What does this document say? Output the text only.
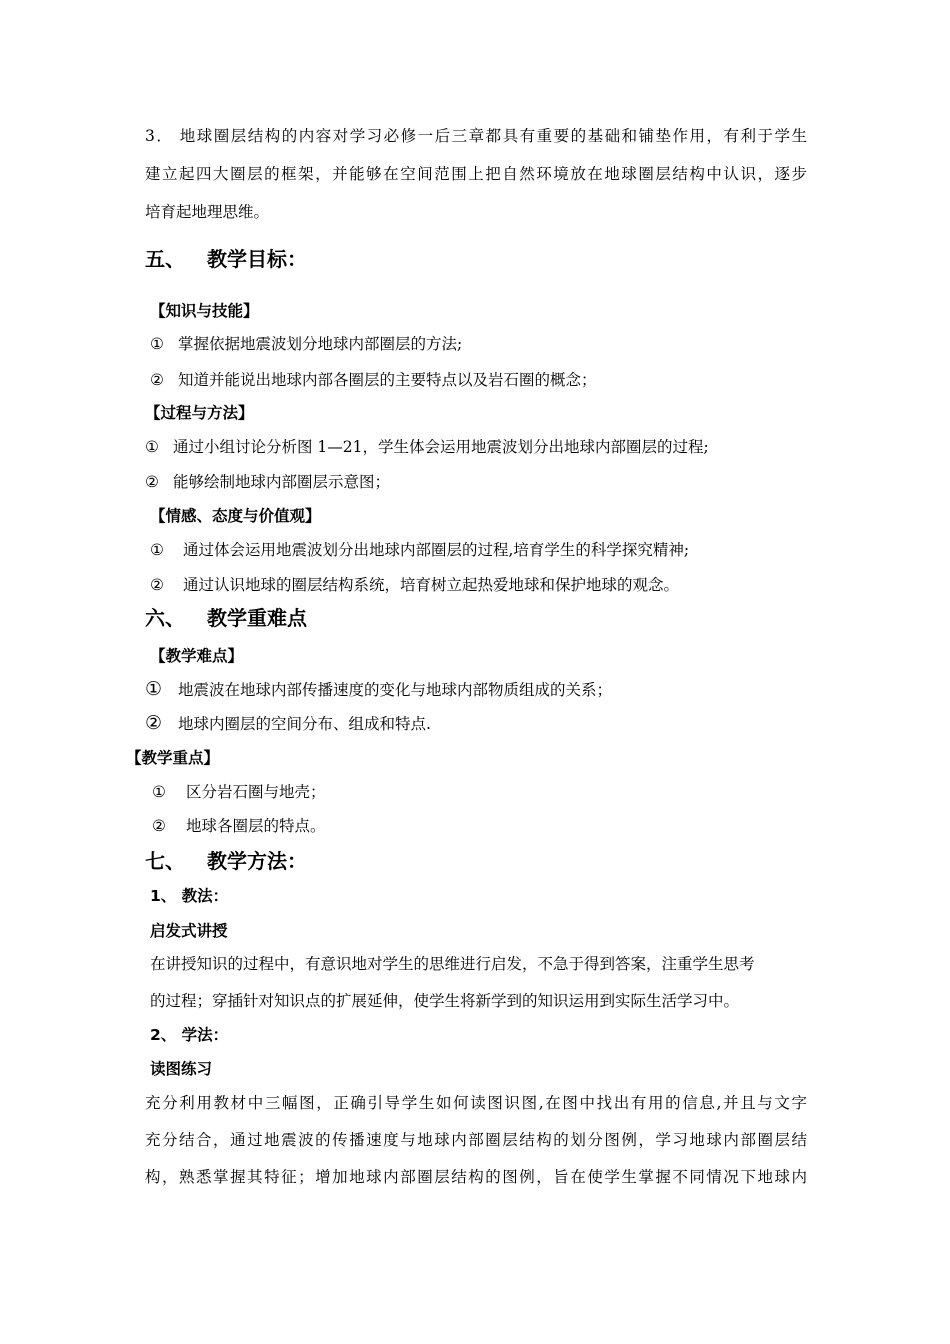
3． 地球圈层结构的内容对学习必修一后三章都具有重要的基础和铺垫作用，有利于学生
建立起四大圈层的框架，并能够在空间范围上把自然环境放在地球圈层结构中认识，逐步
培育起地理思维。
五、 教学目标：
【知识与技能】
① 掌握依据地震波划分地球内部圈层的方法;
② 知道并能说出地球内部各圈层的主要特点以及岩石圈的概念；
【过程与方法】
① 通过小组讨论分析图 1—21，学生体会运用地震波划分出地球内部圈层的过程;
② 能够绘制地球内部圈层示意图；
【情感、态度与价值观】
① 通过体会运用地震波划分出地球内部圈层的过程,培育学生的科学探究精神;
② 通过认识地球的圈层结构系统，培育树立起热爱地球和保护地球的观念。
六、 教学重难点
【教学难点】
① 地震波在地球内部传播速度的变化与地球内部物质组成的关系；
② 地球内圈层的空间分布、组成和特点.
【教学重点】
① 区分岩石圈与地壳；
② 地球各圈层的特点。
七、 教学方法：
1、 教法：
启发式讲授
在讲授知识的过程中，有意识地对学生的思维进行启发，不急于得到答案，注重学生思考
的过程；穿插针对知识点的扩展延伸，使学生将新学到的知识运用到实际生活学习中。
2、 学法：
读图练习
充分利用教材中三幅图，正确引导学生如何读图识图,在图中找出有用的信息,并且与文字
充分结合，通过地震波的传播速度与地球内部圈层结构的划分图例，学习地球内部圈层结
构，熟悉掌握其特征；增加地球内部圈层结构的图例，旨在使学生掌握不同情况下地球内
